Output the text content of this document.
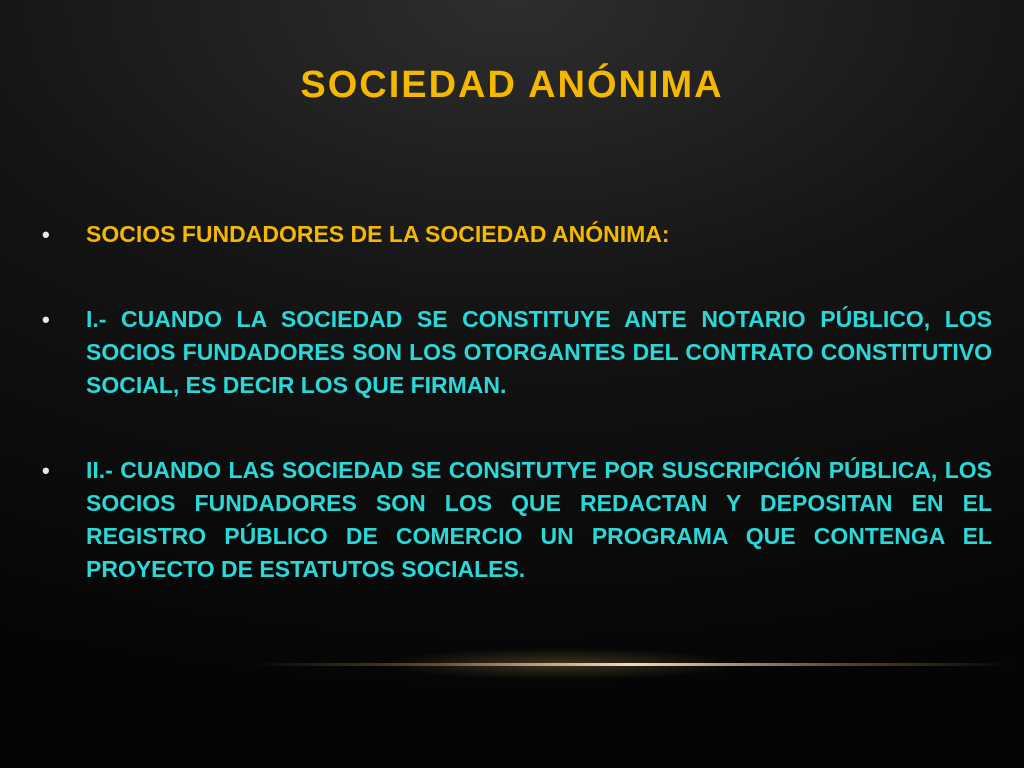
SOCIEDAD ANÓNIMA
• SOCIOS FUNDADORES DE LA SOCIEDAD ANÓNIMA:
• I.- CUANDO LA SOCIEDAD SE CONSTITUYE ANTE NOTARIO PÚBLICO, LOS SOCIOS FUNDADORES SON LOS OTORGANTES DEL CONTRATO CONSTITUTIVO SOCIAL, ES DECIR LOS QUE FIRMAN.
• II.- CUANDO LAS SOCIEDAD SE CONSITUTYE POR SUSCRIPCIÓN PÚBLICA, LOS SOCIOS FUNDADORES SON LOS QUE REDACTAN Y DEPOSITAN EN EL REGISTRO PÚBLICO DE COMERCIO UN PROGRAMA QUE CONTENGA EL PROYECTO DE ESTATUTOS SOCIALES.
